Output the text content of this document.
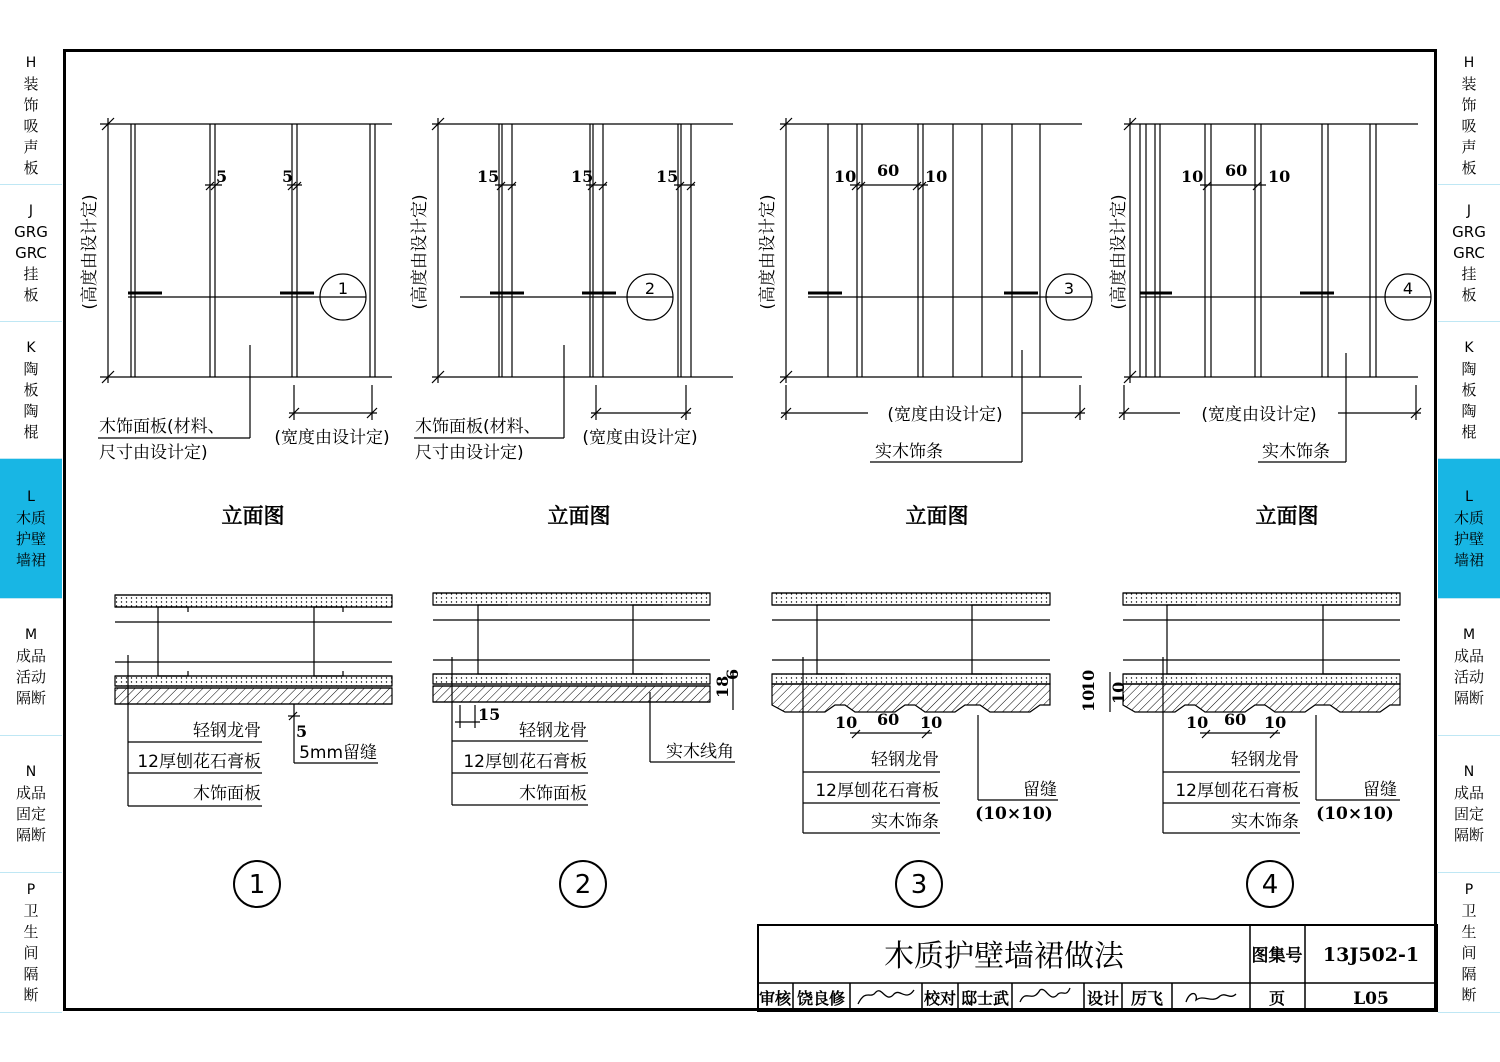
H
装
饰
吸
声
板
J
GRG
GRC
挂
板
K
陶
板
陶
棍
L
木质
护壁
墙裙
M
成品
活动
隔断
N
成品
固定
隔断
P
卫
生
间
隔
断
H
装
饰
吸
声
板
J
GRG
GRC
挂
板
K
陶
板
陶
棍
L
木质
护壁
墙裙
M
成品
活动
隔断
N
成品
固定
隔断
P
卫
生
间
隔
断
(高度由设计定)	(高度由设计定)	(高度由设计定)	(高度由设计定)
(宽度由设计定)	(宽度由设计定)
(宽度由设计定)	(宽度由设计定)
木饰面板(材料、
尺寸由设计定)
木饰面板(材料、
尺寸由设计定)	实木饰条	实木饰条
1	2	3	4
5	5	15	15	15	10 60 10	10 60 10
立面图	立面图	立面图	立面图
轻钢龙骨
12厚刨花石膏板
木饰面板
5mm留缝
轻钢龙骨
12厚刨花石膏板
木饰面板
实木线角	轻钢龙骨
12厚刨花石膏板
实木饰条
留缝
(10×10)
轻钢龙骨
12厚刨花石膏板
实木饰条
留缝
(10×10)
5
15
18
6
10 60 10	10 60 10
10
10 10
1	2	3	4
木质护壁墙裙做法	图集号 13J502-1
审核 饶良修	校对 邸士武	设计 厉飞	页	L05
